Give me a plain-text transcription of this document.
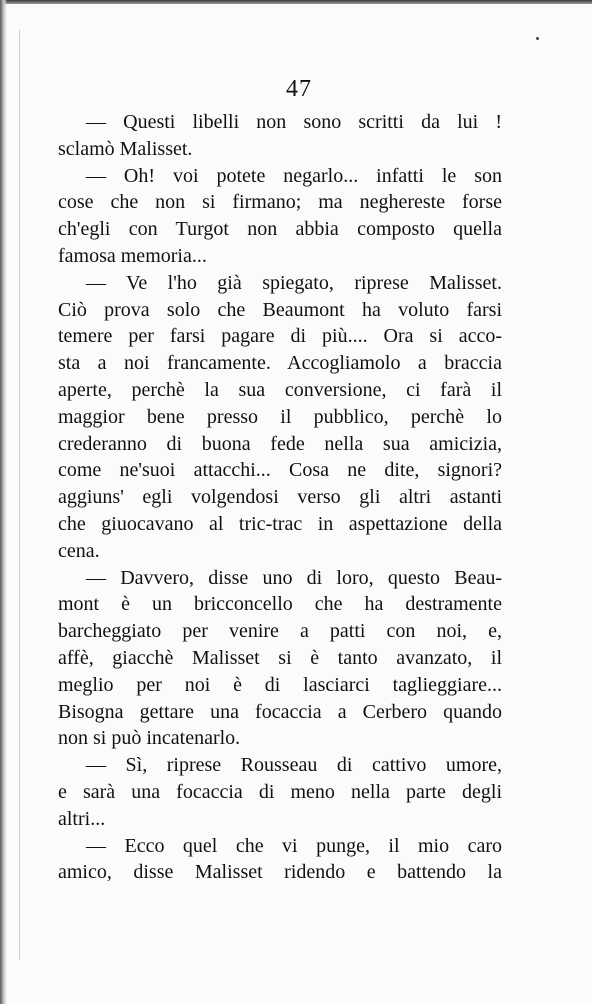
47
— Questi libelli non sono scritti da lui !
sclamò Malisset.
— Oh! voi potete negarlo... infatti le son
cose che non si firmano; ma neghereste forse
ch'egli con Turgot non abbia composto quella
famosa memoria...
— Ve l'ho già spiegato, riprese Malisset.
Ciò prova solo che Beaumont ha voluto farsi
temere per farsi pagare di più.... Ora si acco-
sta a noi francamente. Accogliamolo a braccia
aperte, perchè la sua conversione, ci farà il
maggior bene presso il pubblico, perchè lo
crederanno di buona fede nella sua amicizia,
come ne'suoi attacchi... Cosa ne dite, signori?
aggiuns' egli volgendosi verso gli altri astanti
che giuocavano al tric-trac in aspettazione della
cena.
— Davvero, disse uno di loro, questo Beau-
mont è un bricconcello che ha destramente
barcheggiato per venire a patti con noi, e,
affè, giacchè Malisset si è tanto avanzato, il
meglio per noi è di lasciarci taglieggiare...
Bisogna gettare una focaccia a Cerbero quando
non si può incatenarlo.
— Sì, riprese Rousseau di cattivo umore,
e sarà una focaccia di meno nella parte degli
altri...
— Ecco quel che vi punge, il mio caro
amico, disse Malisset ridendo e battendo la
